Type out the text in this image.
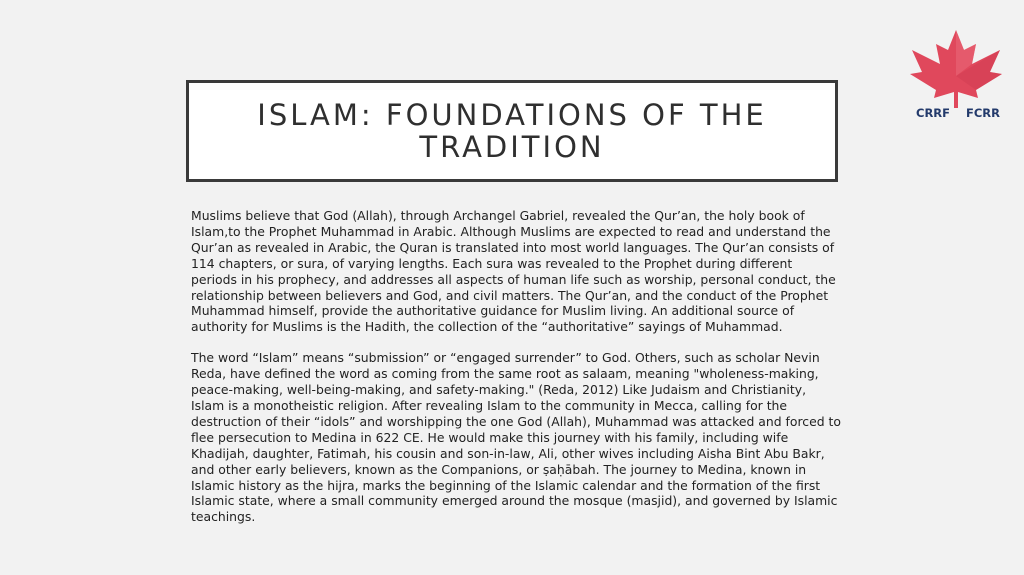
ISLAM: FOUNDATIONS OF THE TRADITION

Muslims believe that God (Allah), through Archangel Gabriel, revealed the Qur’an, the holy book of Islam,to the Prophet Muhammad in Arabic. Although Muslims are expected to read and understand the Qur’an as revealed in Arabic, the Quran is translated into most world languages. The Qur’an consists of 114 chapters, or sura, of varying lengths. Each sura was revealed to the Prophet during different periods in his prophecy, and addresses all aspects of human life such as worship, personal conduct, the relationship between believers and God, and civil matters. The Qur’an, and the conduct of the Prophet Muhammad himself, provide the authoritative guidance for Muslim living. An additional source of authority for Muslims is the Hadith, the collection of the “authoritative” sayings of Muhammad.

The word “Islam” means “submission” or “engaged surrender” to God. Others, such as scholar Nevin Reda, have defined the word as coming from the same root as salaam, meaning "wholeness-making, peace-making, well-being-making, and safety-making." (Reda, 2012) Like Judaism and Christianity, Islam is a monotheistic religion. After revealing Islam to the community in Mecca, calling for the destruction of their “idols” and worshipping the one God (Allah), Muhammad was attacked and forced to flee persecution to Medina in 622 CE. He would make this journey with his family, including wife Khadijah, daughter, Fatimah, his cousin and son-in-law, Ali, other wives including Aisha Bint Abu Bakr, and other early believers, known as the Companions, or ṣaḥābah. The journey to Medina, known in Islamic history as the hijra, marks the beginning of the Islamic calendar and the formation of the first Islamic state, where a small community emerged around the mosque (masjid), and governed by Islamic teachings.

CRRF FCRR
